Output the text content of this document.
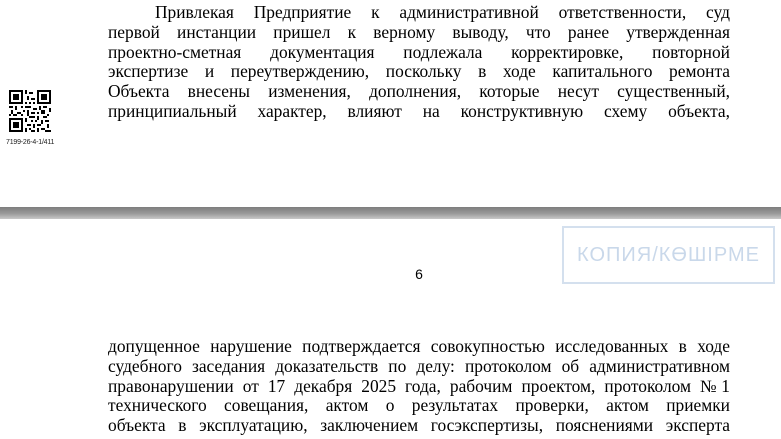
7199-26-4-1/411
Привлекая Предприятие к административной ответственности, суд
первой инстанции пришел к верному выводу, что ранее утвержденная
проектно-сметная документация подлежала корректировке, повторной
экспертизе и переутверждению, поскольку в ходе капитального ремонта
Объекта внесены изменения, дополнения, которые несут существенный,
принципиальный характер, влияют на конструктивную схему объекта,
КОПИЯ/КӨШІРМЕ
6
допущенное нарушение подтверждается совокупностью исследованных в ходе
судебного заседания доказательств по делу: протоколом об административном
правонарушении от 17 декабря 2025 года, рабочим проектом, протоколом №1
технического совещания, актом о результатах проверки, актом приемки
объекта в эксплуатацию, заключением госэкспертизы, пояснениями эксперта
